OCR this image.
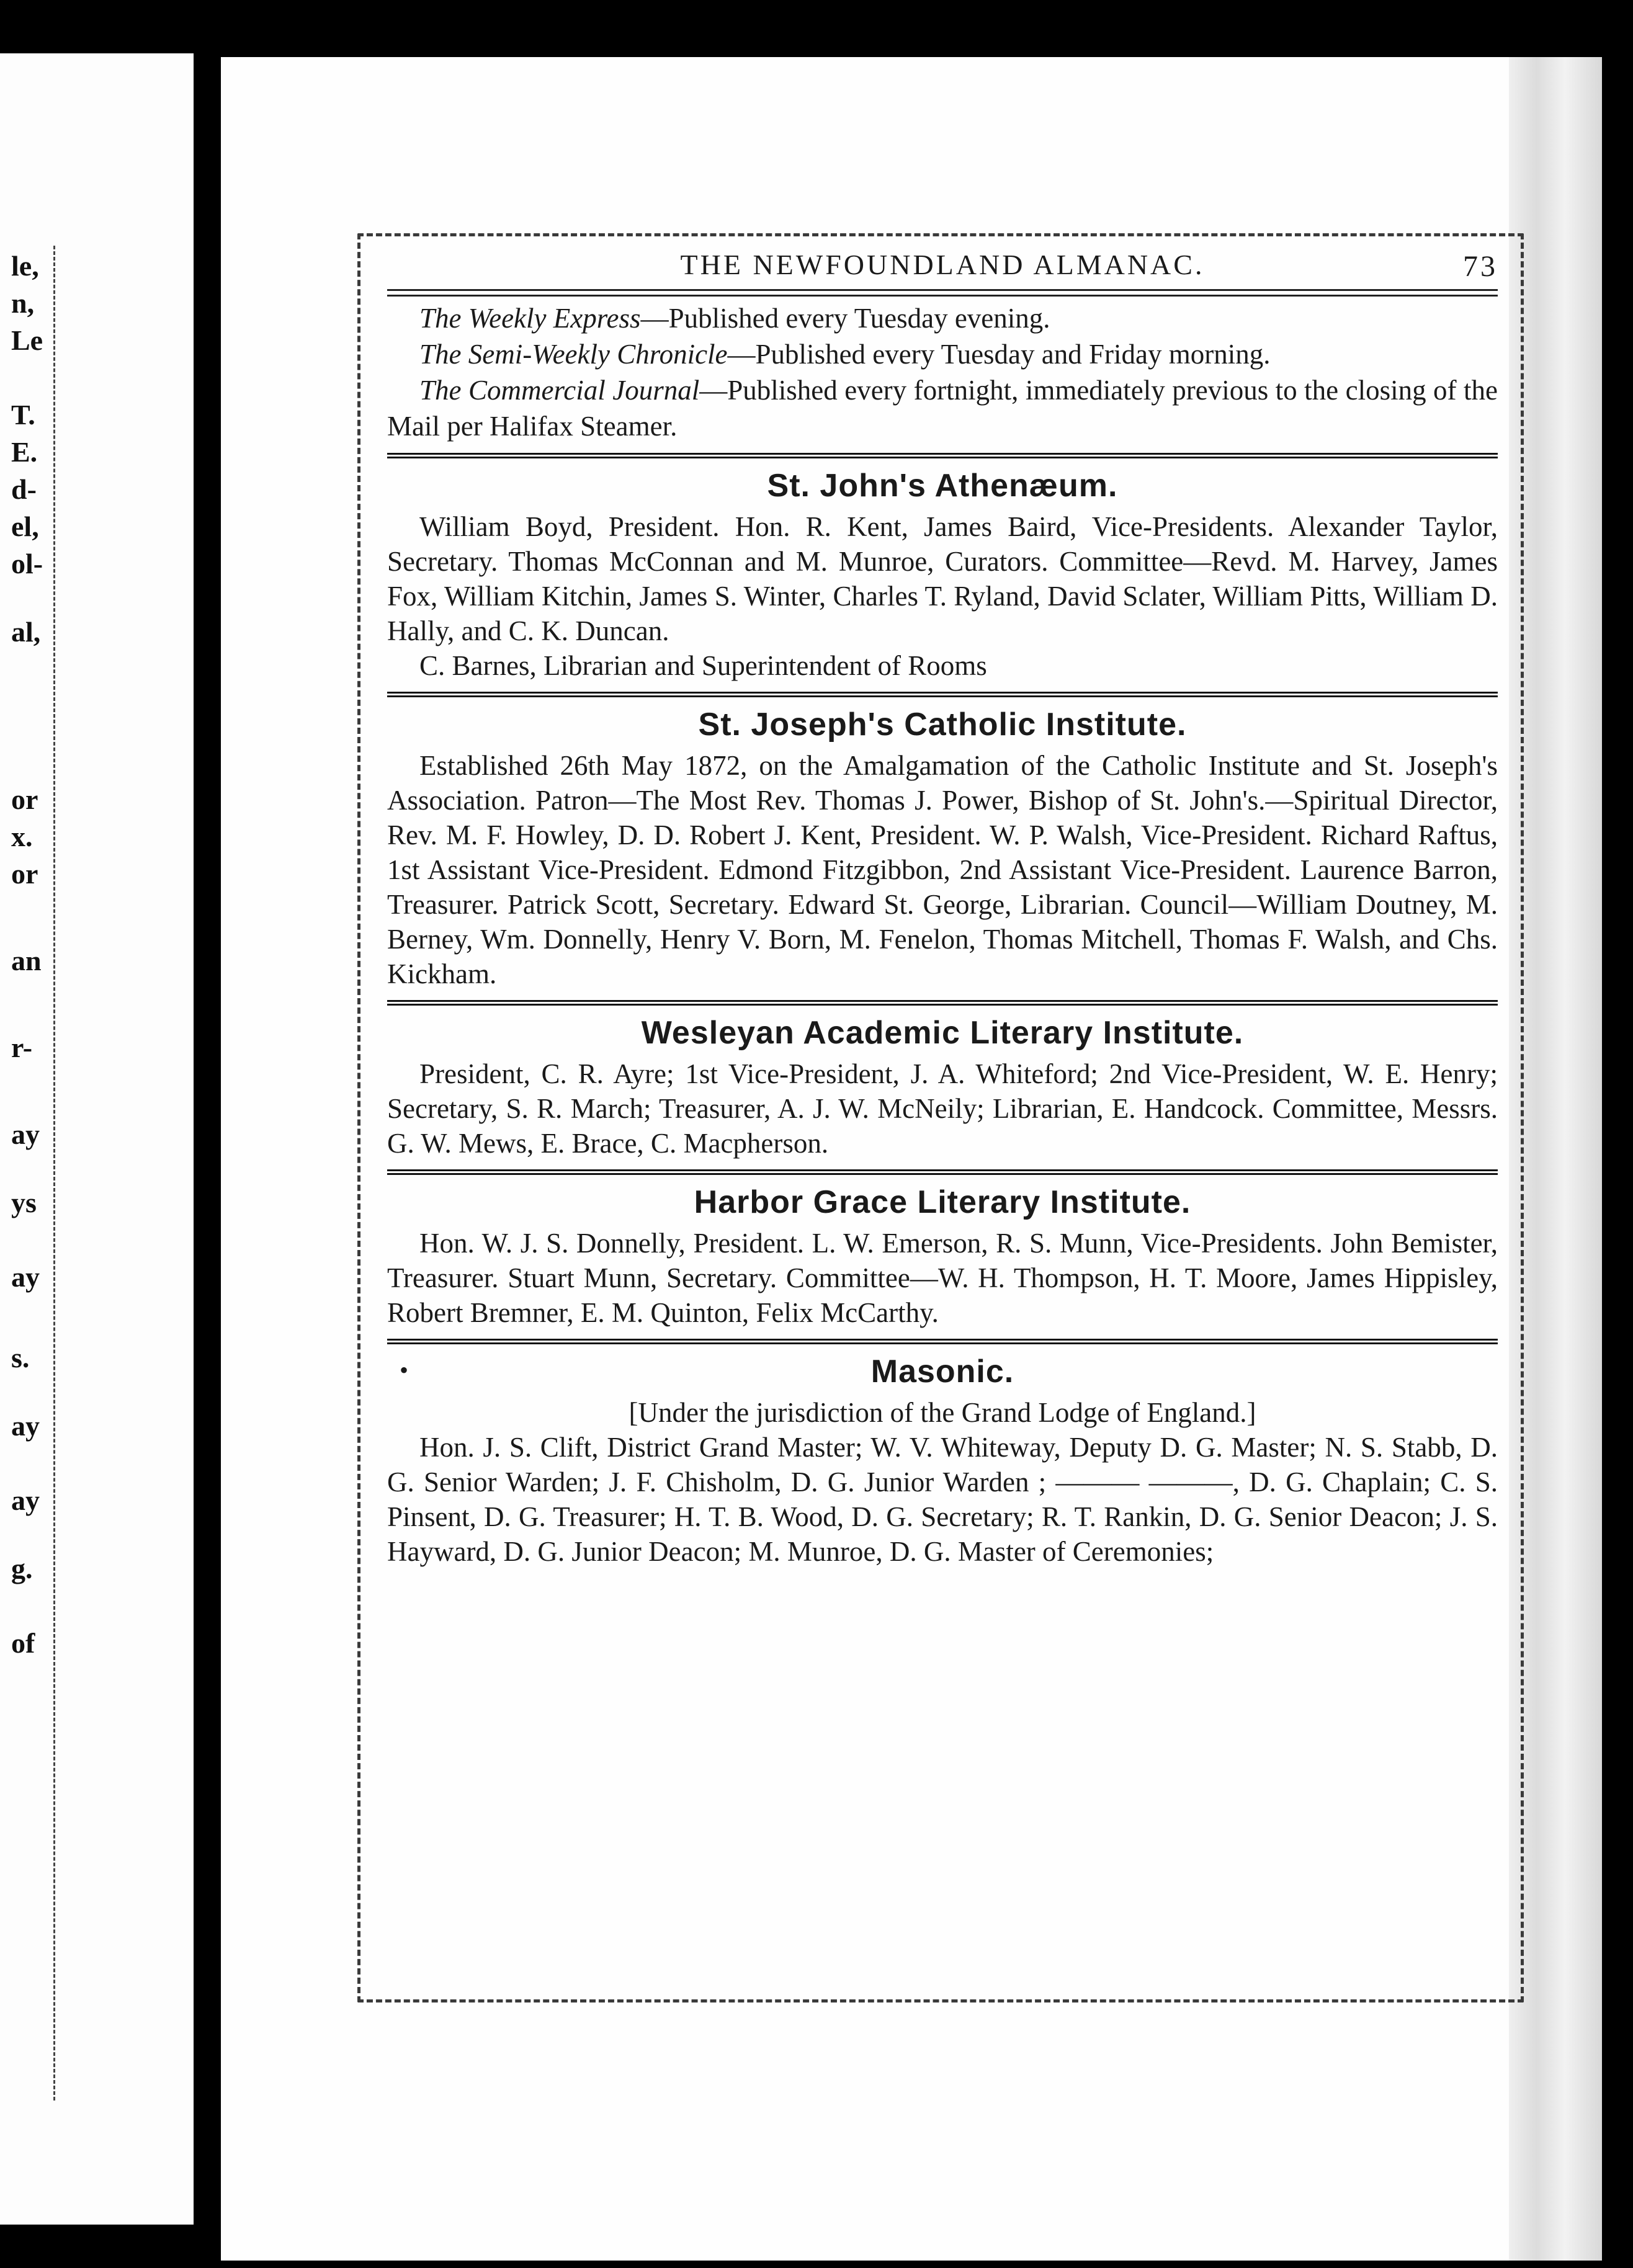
le,
n,
Le
T.
E.
d-
el,
ol-
al,
or
x.
or
an
r-
ay
ys
ay
s.
ay
ay
g.
of
THE NEWFOUNDLAND ALMANAC.	73

The Weekly Express—Published every Tuesday evening.

The Semi-Weekly Chronicle—Published every Tuesday and Friday morning.

The Commercial Journal—Published every fortnight, immediately previous to the closing of the Mail per Halifax Steamer.

St. John's Athenæum.

William Boyd, President. Hon. R. Kent, James Baird, Vice-Presidents. Alexander Taylor, Secretary. Thomas McConnan and M. Munroe, Curators. Committee—Revd. M. Harvey, James Fox, William Kitchin, James S. Winter, Charles T. Ryland, David Sclater, William Pitts, William D. Hally, and C. K. Duncan.

C. Barnes, Librarian and Superintendent of Rooms

St. Joseph's Catholic Institute.

Established 26th May 1872, on the Amalgamation of the Catholic Institute and St. Joseph's Association. Patron—The Most Rev. Thomas J. Power, Bishop of St. John's.—Spiritual Director, Rev. M. F. Howley, D. D. Robert J. Kent, President. W. P. Walsh, Vice-President. Richard Raftus, 1st Assistant Vice-President. Edmond Fitzgibbon, 2nd Assistant Vice-President. Laurence Barron, Treasurer. Patrick Scott, Secretary. Edward St. George, Librarian. Council—William Doutney, M. Berney, Wm. Donnelly, Henry V. Born, M. Fenelon, Thomas Mitchell, Thomas F. Walsh, and Chs. Kickham.

Wesleyan Academic Literary Institute.

President, C. R. Ayre; 1st Vice-President, J. A. Whiteford; 2nd Vice-President, W. E. Henry; Secretary, S. R. March; Treasurer, A. J. W. McNeily; Librarian, E. Handcock. Committee, Messrs. G. W. Mews, E. Brace, C. Macpherson.

Harbor Grace Literary Institute.

Hon. W. J. S. Donnelly, President. L. W. Emerson, R. S. Munn, Vice-Presidents. John Bemister, Treasurer. Stuart Munn, Secretary. Committee—W. H. Thompson, H. T. Moore, James Hippisley, Robert Bremner, E. M. Quinton, Felix McCarthy.

•	Masonic.

[Under the jurisdiction of the Grand Lodge of England.]

Hon. J. S. Clift, District Grand Master; W. V. Whiteway, Deputy D. G. Master; N. S. Stabb, D. G. Senior Warden; J. F. Chisholm, D. G. Junior Warden ; ——— ———, D. G. Chaplain; C. S. Pinsent, D. G. Treasurer; H. T. B. Wood, D. G. Secretary; R. T. Rankin, D. G. Senior Deacon; J. S. Hayward, D. G. Junior Deacon; M. Munroe, D. G. Master of Ceremonies;
